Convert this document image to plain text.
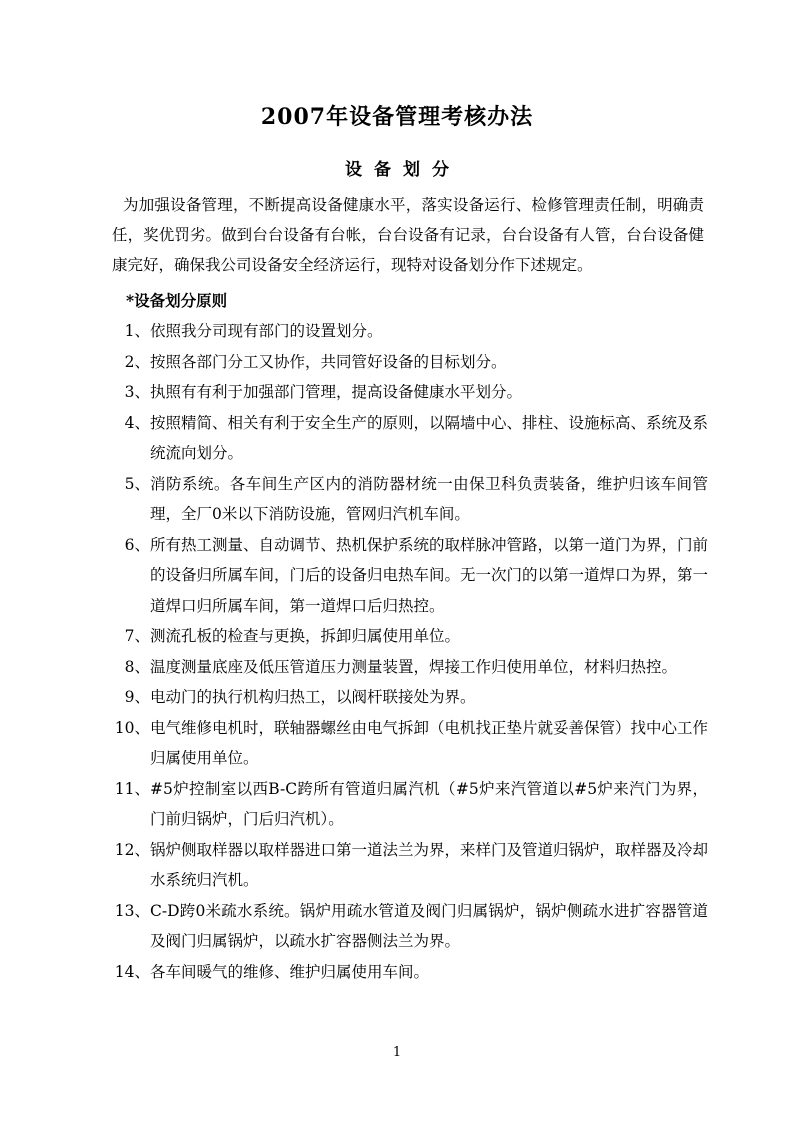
2007年设备管理考核办法
设备划分

为加强设备管理，不断提高设备健康水平，落实设备运行、检修管理责任制，明确责任，奖优罚劣。做到台台设备有台帐，台台设备有记录，台台设备有人管，台台设备健康完好，确保我公司设备安全经济运行，现特对设备划分作下述规定。

*设备划分原则
1、 依照我分司现有部门的设置划分。
2、 按照各部门分工又协作，共同管好设备的目标划分。
3、 执照有有利于加强部门管理，提高设备健康水平划分。
4、 按照精简、相关有利于安全生产的原则，以隔墙中心、排柱、设施标高、系统及系统流向划分。
5、 消防系统。各车间生产区内的消防器材统一由保卫科负责装备，维护归该车间管理，全厂0米以下消防设施，管网归汽机车间。
6、 所有热工测量、自动调节、热机保护系统的取样脉冲管路，以第一道门为界，门前的设备归所属车间，门后的设备归电热车间。无一次门的以第一道焊口为界，第一道焊口归所属车间，第一道焊口后归热控。
7、 测流孔板的检查与更换，拆卸归属使用单位。
8、 温度测量底座及低压管道压力测量装置，焊接工作归使用单位，材料归热控。
9、 电动门的执行机构归热工，以阀杆联接处为界。
10、 电气维修电机时，联轴器螺丝由电气拆卸（电机找正垫片就妥善保管）找中心工作归属使用单位。
11、 #5炉控制室以西B-C跨所有管道归属汽机（#5炉来汽管道以#5炉来汽门为界，门前归锅炉，门后归汽机）。
12、 锅炉侧取样器以取样器进口第一道法兰为界，来样门及管道归锅炉，取样器及冷却水系统归汽机。
13、 C-D跨0米疏水系统。锅炉用疏水管道及阀门归属锅炉，锅炉侧疏水进扩容器管道及阀门归属锅炉，以疏水扩容器侧法兰为界。
14、 各车间暖气的维修、维护归属使用车间。
1
